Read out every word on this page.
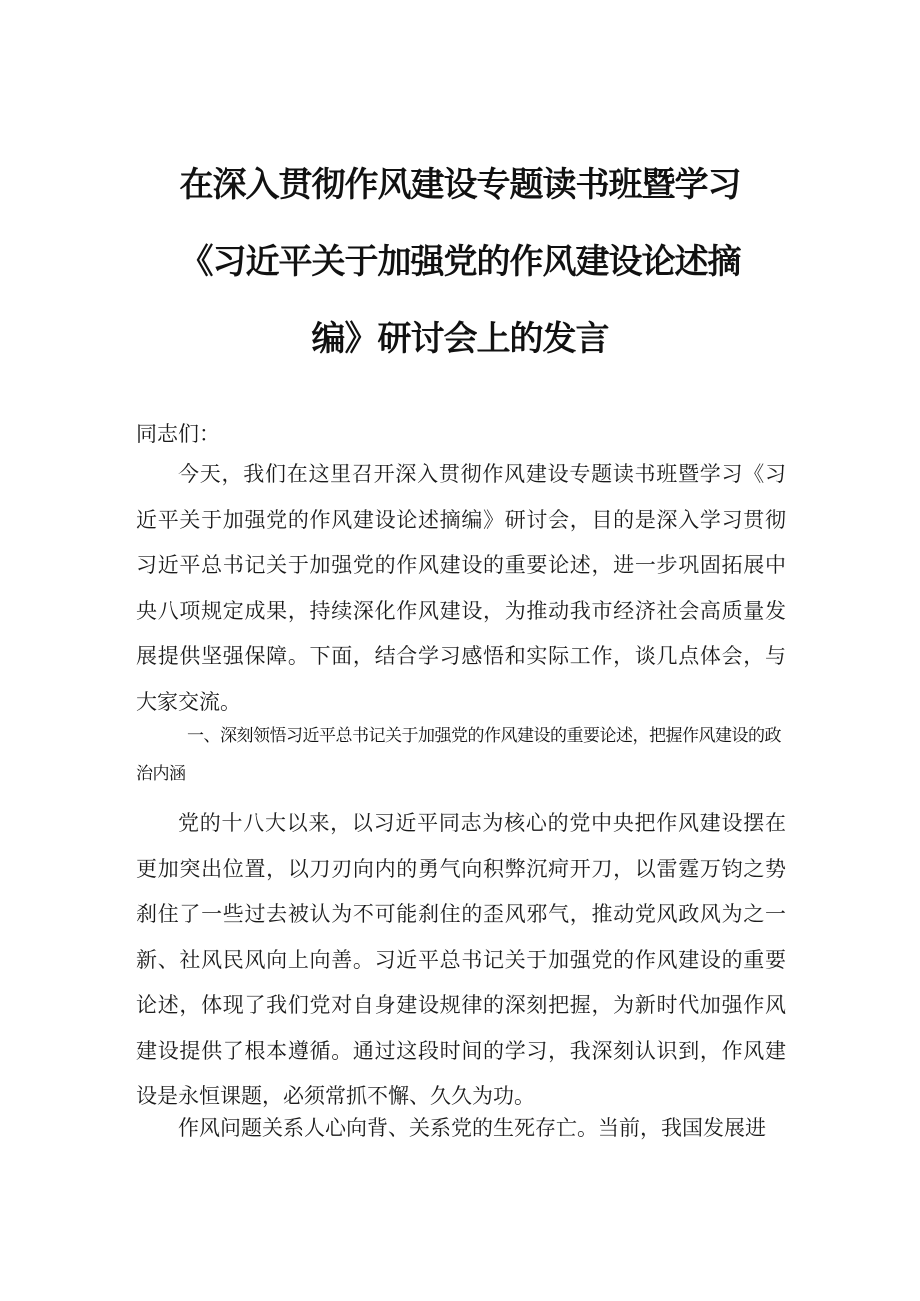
在深入贯彻作风建设专题读书班暨学习
《习近平关于加强党的作风建设论述摘
编》研讨会上的发言
同志们：

今天，我们在这里召开深入贯彻作风建设专题读书班暨学习《习近平关于加强党的作风建设论述摘编》研讨会，目的是深入学习贯彻习近平总书记关于加强党的作风建设的重要论述，进一步巩固拓展中央八项规定成果，持续深化作风建设，为推动我市经济社会高质量发展提供坚强保障。下面，结合学习感悟和实际工作，谈几点体会，与大家交流。

一、深刻领悟习近平总书记关于加强党的作风建设的重要论述，把握作风建设的政治内涵

党的十八大以来，以习近平同志为核心的党中央把作风建设摆在更加突出位置，以刀刃向内的勇气向积弊沉疴开刀，以雷霆万钧之势刹住了一些过去被认为不可能刹住的歪风邪气，推动党风政风为之一新、社风民风向上向善。习近平总书记关于加强党的作风建设的重要论述，体现了我们党对自身建设规律的深刻把握，为新时代加强作风建设提供了根本遵循。通过这段时间的学习，我深刻认识到，作风建设是永恒课题，必须常抓不懈、久久为功。

作风问题关系人心向背、关系党的生死存亡。当前，我国发展进
